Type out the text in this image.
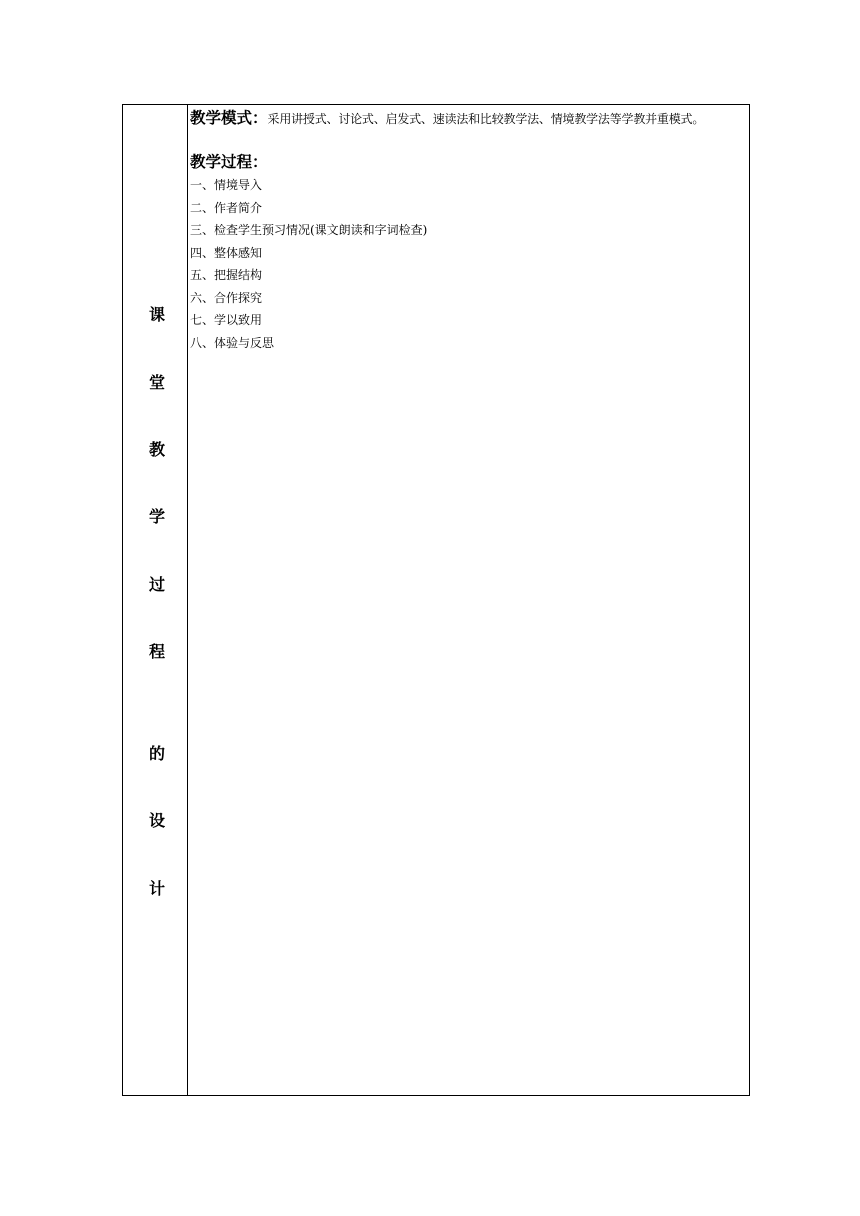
课
堂
教
学
过
程
的
设
计
教学模式：采用讲授式、讨论式、启发式、速读法和比较教学法、情境教学法等学教并重模式。
教学过程：
一、情境导入
二、作者简介
三、检查学生预习情况(课文朗读和字词检查)
四、整体感知
五、把握结构
六、合作探究
七、学以致用
八、体验与反思
